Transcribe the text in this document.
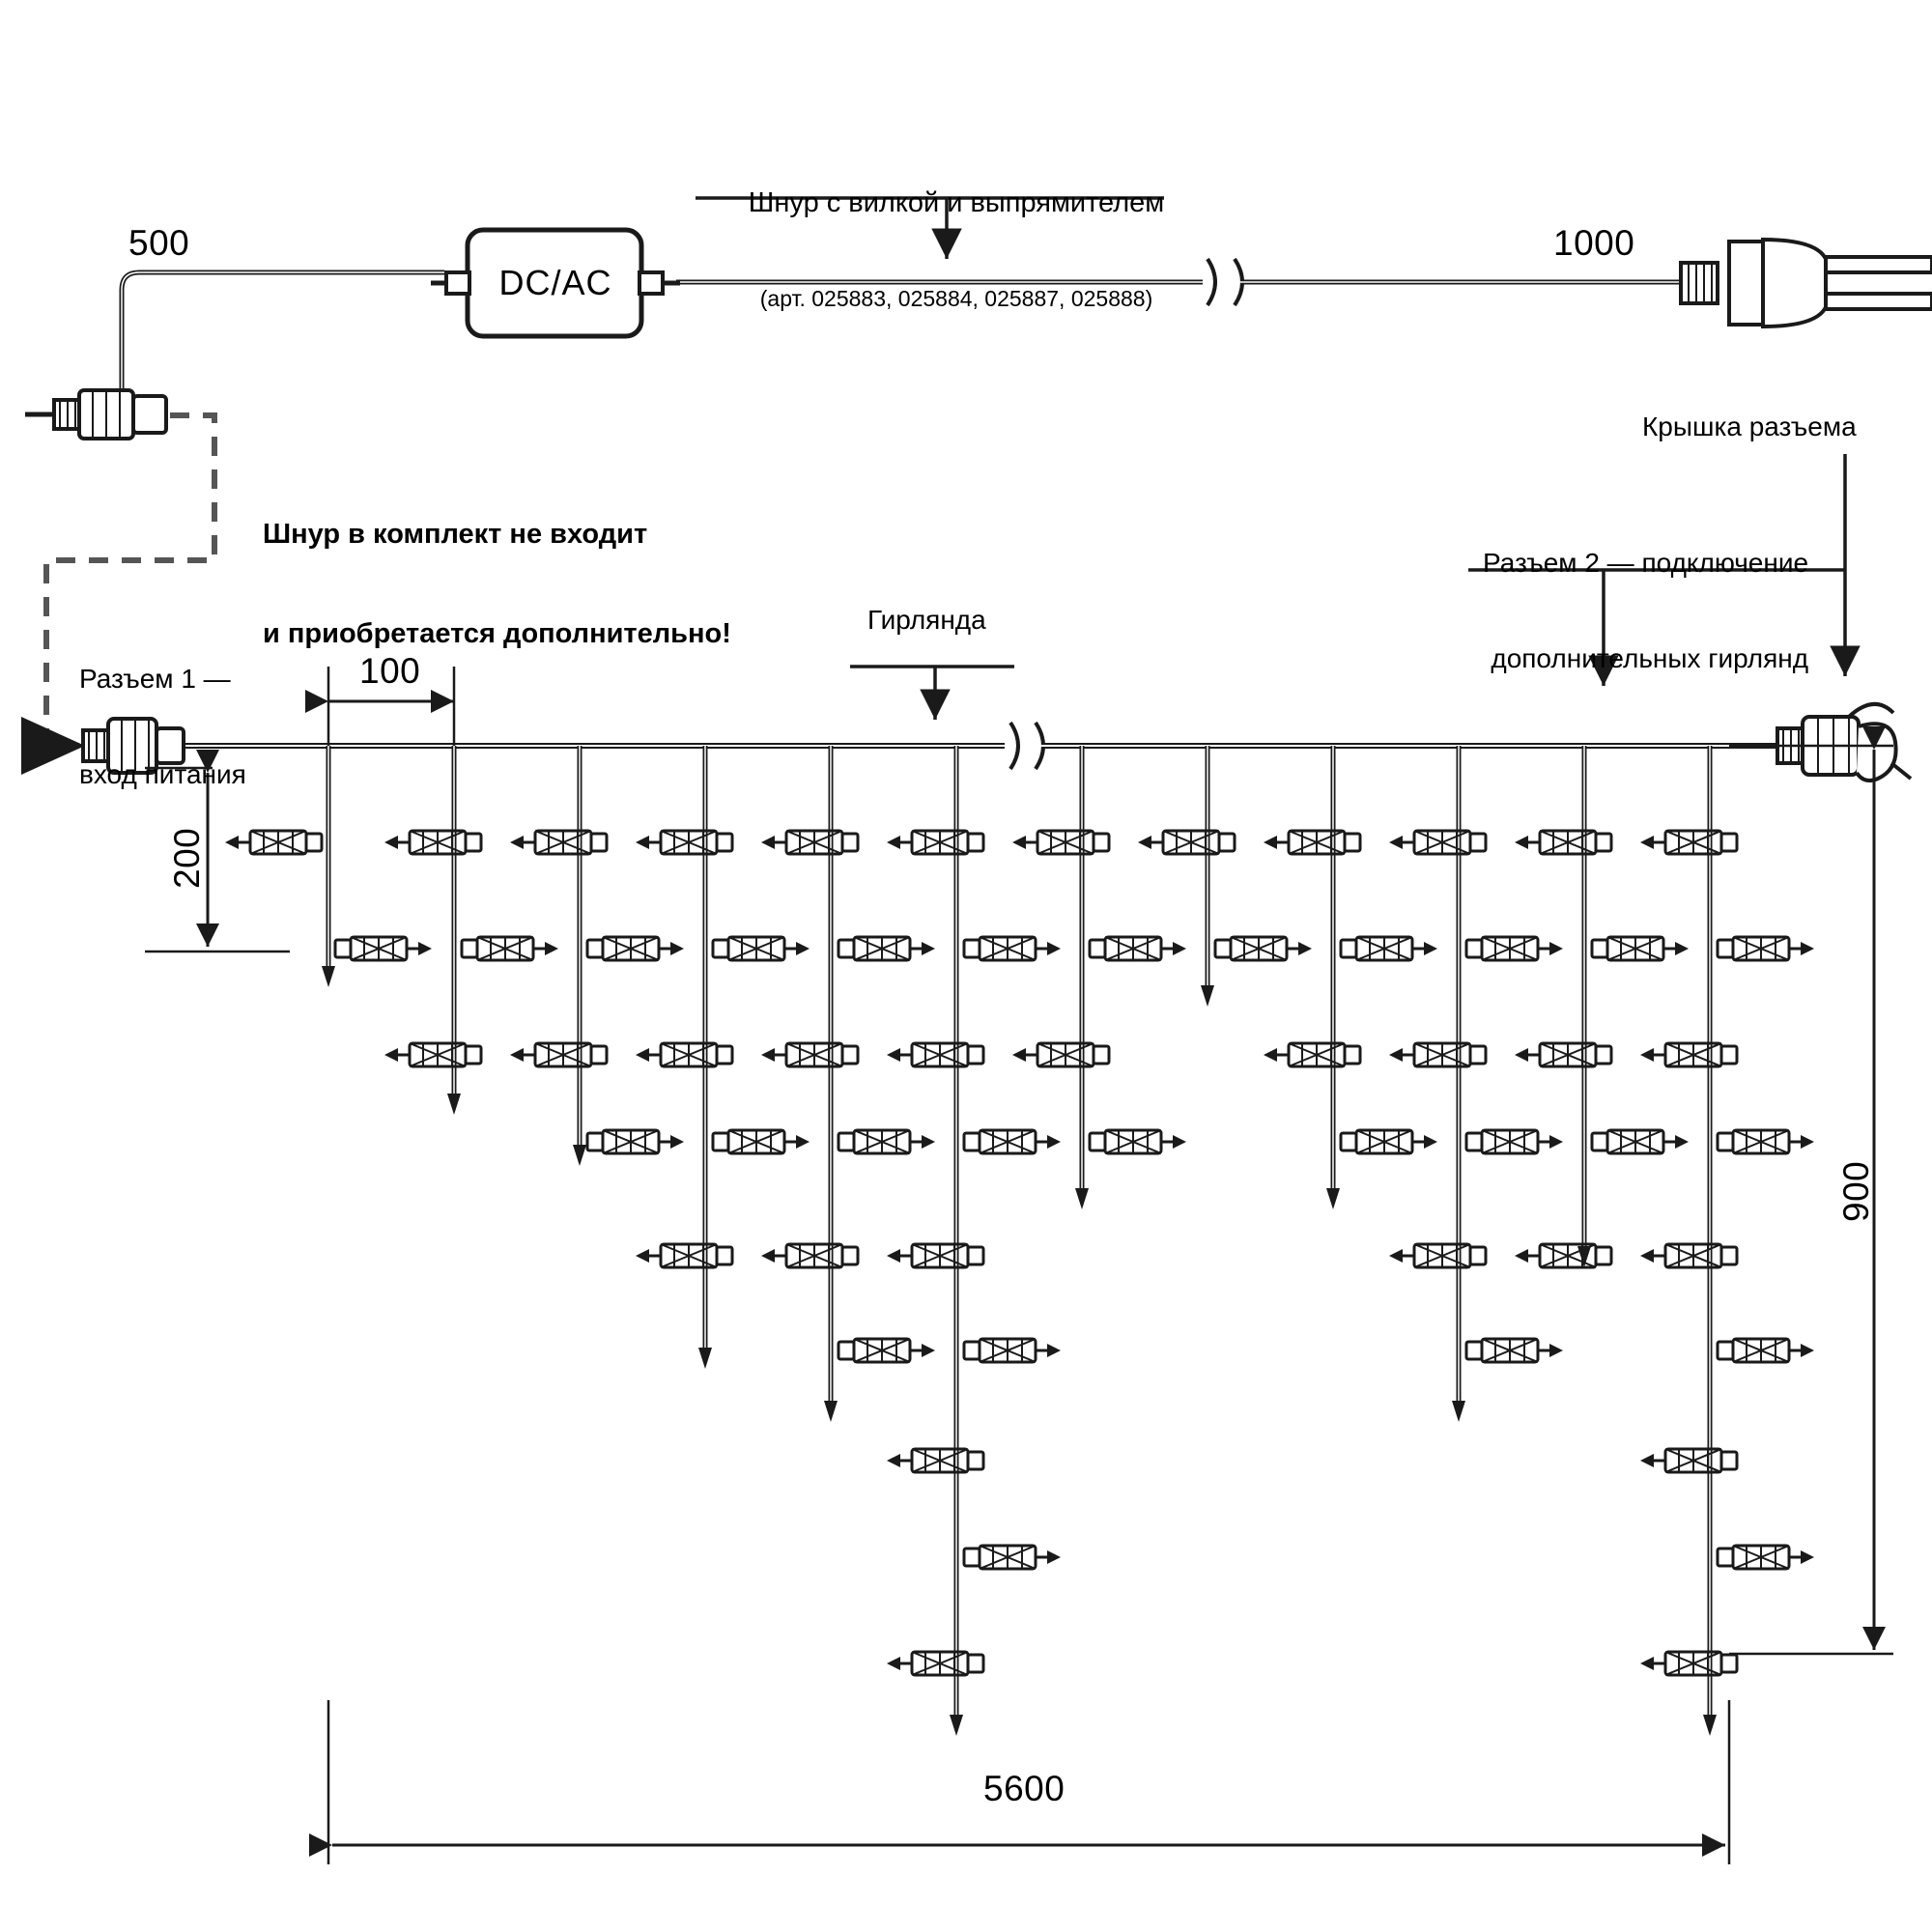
Шнур с вилкой и выпрямителем

(арт. 025883, 025884, 025887, 025888)

DC/AC
500	1000

Шнур в комплект не входит

и приобретается дополнительно!

Разъем 1 —

вход питания

Крышка разъема

Разъем 2 — подключение

дополнительных гирлянд

Гирлянда
100
200
900
5600
